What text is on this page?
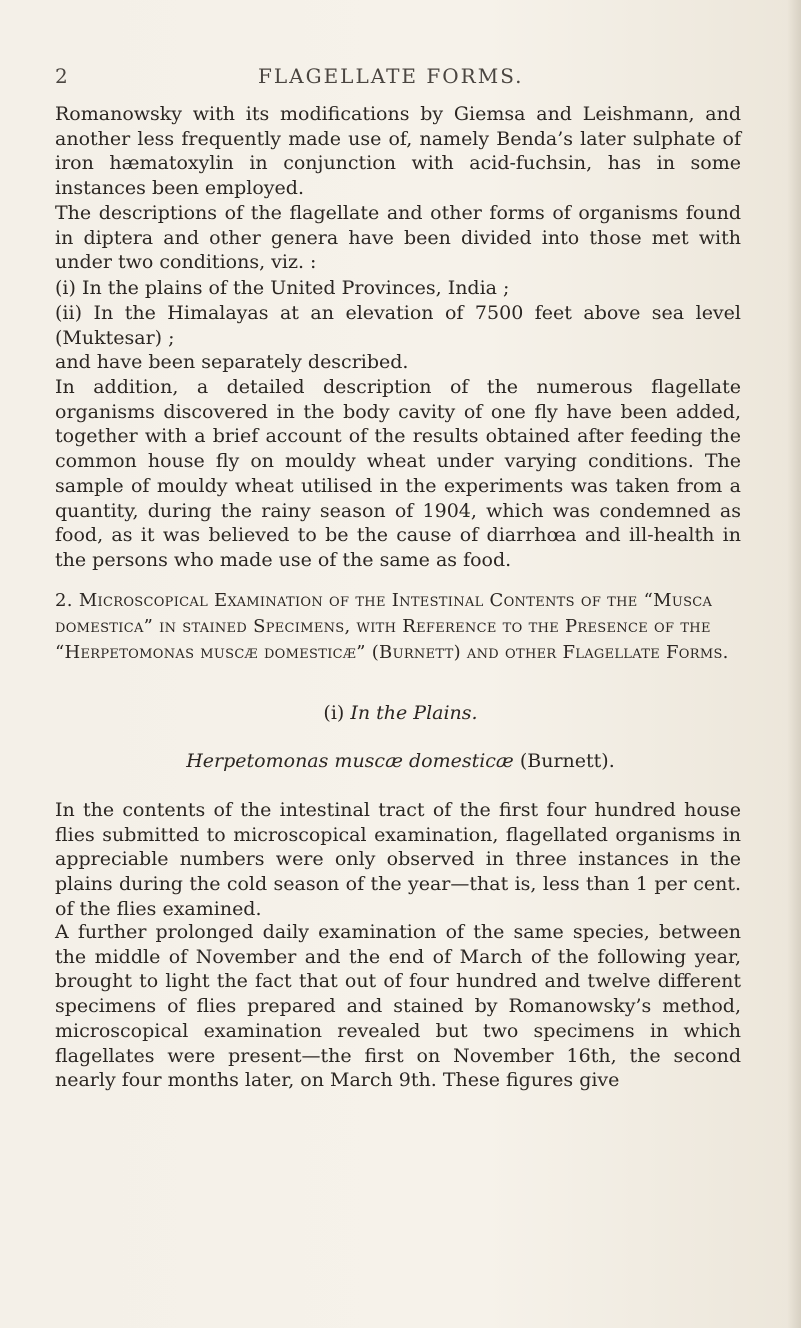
2	FLAGELLATE FORMS.

Romanowsky with its modifications by Giemsa and Leishmann, and another less frequently made use of, namely Benda’s later sulphate of iron hæmatoxylin in conjunction with acid-fuchsin, has in some instances been employed.

The descriptions of the flagellate and other forms of organisms found in diptera and other genera have been divided into those met with under two conditions, viz. :

(i) In the plains of the United Provinces, India ;

(ii) In the Himalayas at an elevation of 7500 feet above sea level (Muktesar) ;

and have been separately described.

In addition, a detailed description of the numerous flagellate organisms discovered in the body cavity of one fly have been added, together with a brief account of the results obtained after feeding the common house fly on mouldy wheat under varying conditions. The sample of mouldy wheat utilised in the experiments was taken from a quantity, during the rainy season of 1904, which was condemned as food, as it was believed to be the cause of diarrhœa and ill-health in the persons who made use of the same as food.

2. Microscopical Examination of the Intestinal Contents of the “Musca domestica” in stained Specimens, with Reference to the Presence of the “Herpetomonas muscæ domesticæ” (Burnett) and other Flagellate Forms.

(i) In the Plains.

Herpetomonas muscæ domesticæ (Burnett).

In the contents of the intestinal tract of the first four hundred house flies submitted to microscopical examination, flagellated organisms in appreciable numbers were only observed in three instances in the plains during the cold season of the year—that is, less than 1 per cent. of the flies examined.

A further prolonged daily examination of the same species, between the middle of November and the end of March of the following year, brought to light the fact that out of four hundred and twelve different specimens of flies prepared and stained by Romanowsky’s method, microscopical examination revealed but two specimens in which flagellates were present—the first on November 16th, the second nearly four months later, on March 9th. These figures give
